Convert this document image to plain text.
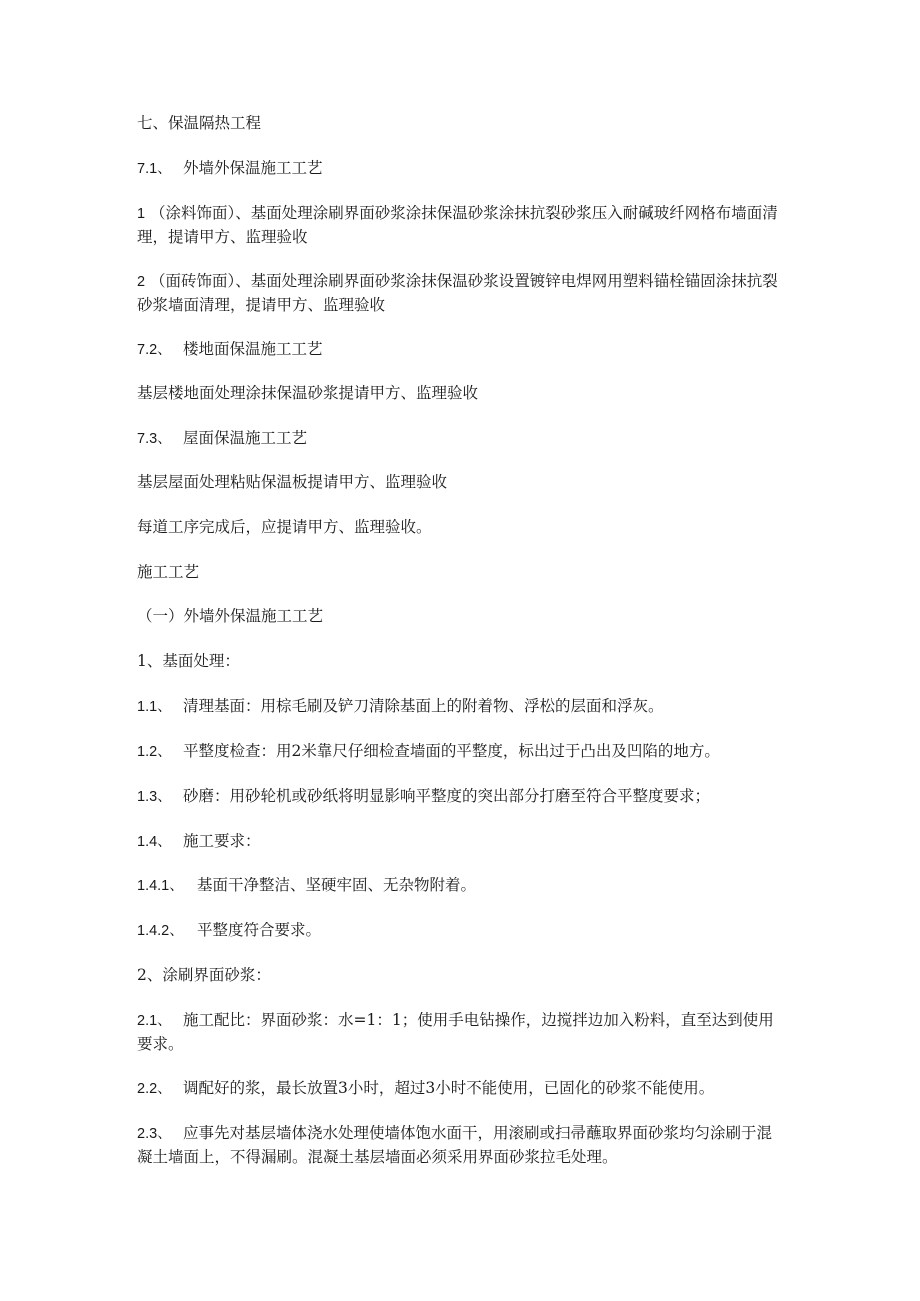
七、保温隔热工程

7.1、 外墙外保温施工工艺

1 （涂料饰面）、基面处理涂刷界面砂浆涂抹保温砂浆涂抹抗裂砂浆压入耐碱玻纤网格布墙面清理，提请甲方、监理验收

2 （面砖饰面）、基面处理涂刷界面砂浆涂抹保温砂浆设置镀锌电焊网用塑料锚栓锚固涂抹抗裂砂浆墙面清理，提请甲方、监理验收

7.2、 楼地面保温施工工艺

基层楼地面处理涂抹保温砂浆提请甲方、监理验收

7.3、 屋面保温施工工艺

基层屋面处理粘贴保温板提请甲方、监理验收

每道工序完成后，应提请甲方、监理验收。

施工工艺

（一）外墙外保温施工工艺

1、基面处理：

1.1、 清理基面：用棕毛刷及铲刀清除基面上的附着物、浮松的层面和浮灰。

1.2、 平整度检查：用2米靠尺仔细检查墙面的平整度，标出过于凸出及凹陷的地方。

1.3、 砂磨：用砂轮机或砂纸将明显影响平整度的突出部分打磨至符合平整度要求；

1.4、 施工要求：

1.4.1、 基面干净整洁、坚硬牢固、无杂物附着。

1.4.2、 平整度符合要求。

2、涂刷界面砂浆：

2.1、 施工配比：界面砂浆：水=1：1；使用手电钻操作，边搅拌边加入粉料，直至达到使用要求。

2.2、 调配好的浆，最长放置3小时，超过3小时不能使用，已固化的砂浆不能使用。

2.3、 应事先对基层墙体浇水处理使墙体饱水面干，用滚刷或扫帚蘸取界面砂浆均匀涂刷于混凝土墙面上，不得漏刷。混凝土基层墙面必须采用界面砂浆拉毛处理。
